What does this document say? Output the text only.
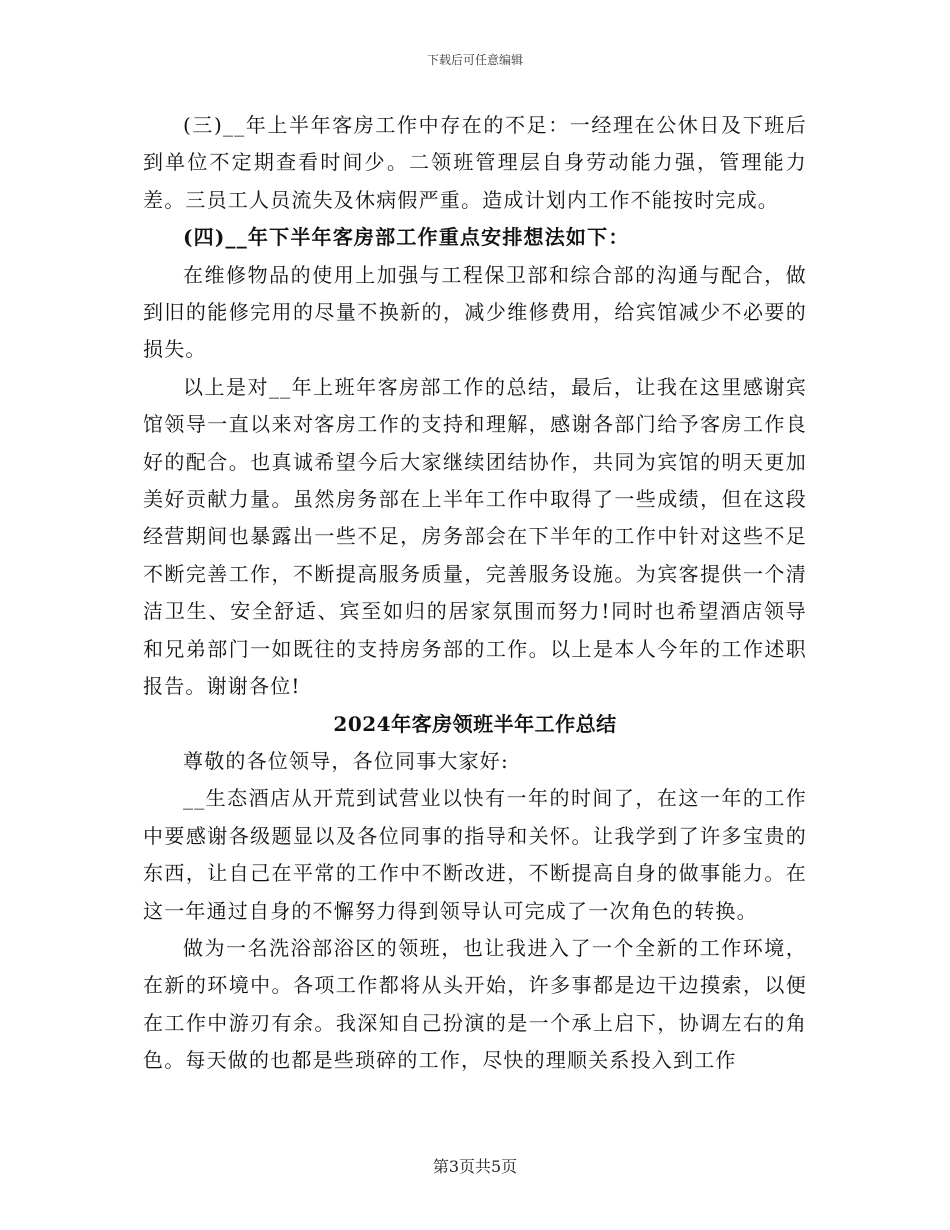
下载后可任意编辑

(三)__年上半年客房工作中存在的不足：一经理在公休日及下班后到单位不定期查看时间少。二领班管理层自身劳动能力强，管理能力差。三员工人员流失及休病假严重。造成计划内工作不能按时完成。

(四)__年下半年客房部工作重点安排想法如下：

在维修物品的使用上加强与工程保卫部和综合部的沟通与配合，做到旧的能修完用的尽量不换新的，减少维修费用，给宾馆减少不必要的损失。

以上是对__年上班年客房部工作的总结，最后，让我在这里感谢宾馆领导一直以来对客房工作的支持和理解，感谢各部门给予客房工作良好的配合。也真诚希望今后大家继续团结协作，共同为宾馆的明天更加美好贡献力量。虽然房务部在上半年工作中取得了一些成绩，但在这段经营期间也暴露出一些不足，房务部会在下半年的工作中针对这些不足不断完善工作，不断提高服务质量，完善服务设施。为宾客提供一个清洁卫生、安全舒适、宾至如归的居家氛围而努力!同时也希望酒店领导和兄弟部门一如既往的支持房务部的工作。以上是本人今年的工作述职报告。谢谢各位!

2024年客房领班半年工作总结

尊敬的各位领导，各位同事大家好:

__生态酒店从开荒到试营业以快有一年的时间了，在这一年的工作中要感谢各级题显以及各位同事的指导和关怀。让我学到了许多宝贵的东西，让自己在平常的工作中不断改进，不断提高自身的做事能力。在这一年通过自身的不懈努力得到领导认可完成了一次角色的转换。

做为一名洗浴部浴区的领班，也让我进入了一个全新的工作环境，在新的环境中。各项工作都将从头开始，许多事都是边干边摸索，以便在工作中游刃有余。我深知自己扮演的是一个承上启下，协调左右的角色。每天做的也都是些琐碎的工作，尽快的理顺关系投入到工作

第3页共5页
